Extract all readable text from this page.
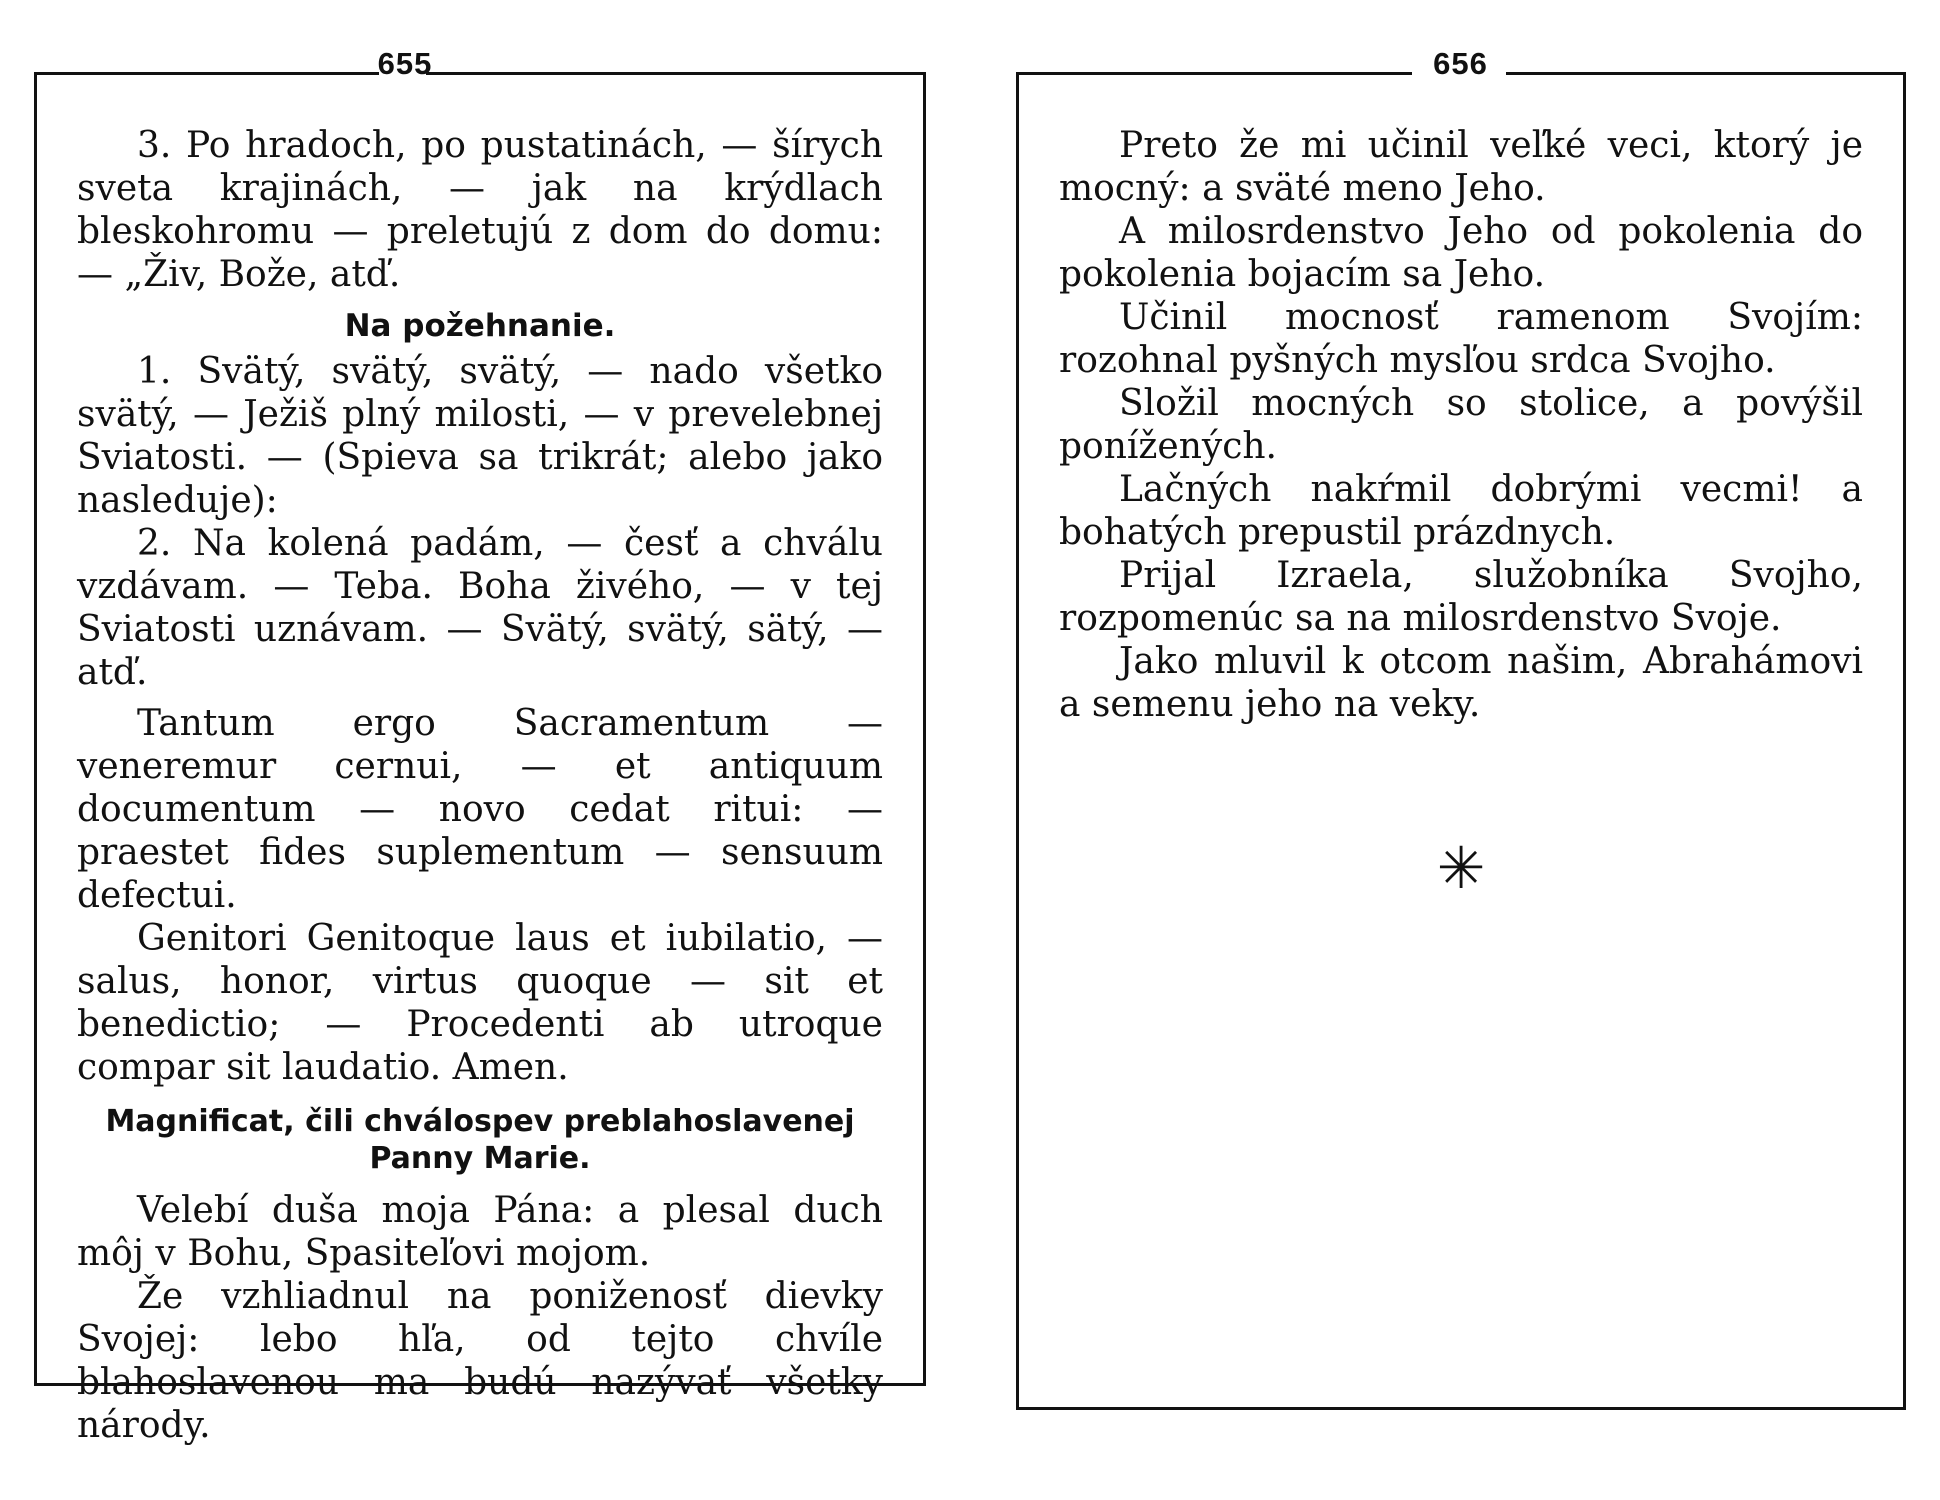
655

3. Po hradoch, po pustatinách, — šírych sveta krajinách, — jak na krýdlach bleskohromu — preletujú z dom do domu: — „Živ, Bože, atď.

Na požehnanie.

1. Svätý, svätý, svätý, — nado všetko svätý, — Ježiš plný milosti, — v prevelebnej Sviatosti. — (Spieva sa trikrát; alebo jako nasleduje):

2. Na kolená padám, — česť a chválu vzdávam. — Teba. Boha živého, — v tej Sviatosti uznávam. — Svätý, svätý, sätý, — atď.

Tantum ergo Sacramentum — veneremur cernui, — et antiquum documentum — novo cedat ritui: — praestet fides suplementum — sensuum defectui.

Genitori Genitoque laus et iubilatio, — salus, honor, virtus quoque — sit et benedictio; — Procedenti ab utroque compar sit laudatio. Amen.

Magnificat, čili chválospev preblahoslavenej Panny Marie.

Velebí duša moja Pána: a plesal duch môj v Bohu, Spasiteľovi mojom.

Že vzhliadnul na poniženosť dievky Svojej: lebo hľa, od tejto chvíle blahoslavenou ma budú nazývať všetky národy.

656

Preto že mi učinil veľké veci, ktorý je mocný: a sväté meno Jeho.

A milosrdenstvo Jeho od pokolenia do pokolenia bojacím sa Jeho.

Učinil mocnosť ramenom Svojím: rozohnal pyšných mysľou srdca Svojho.

Složil mocných so stolice, a povýšil ponížených.

Lačných nakŕmil dobrými vecmi! a bohatých prepustil prázdnych.

Prijal Izraela, služobníka Svojho, rozpomenúc sa na milosrdenstvo Svoje.

Jako mluvil k otcom našim, Abrahámovi a semenu jeho na veky.

✳
